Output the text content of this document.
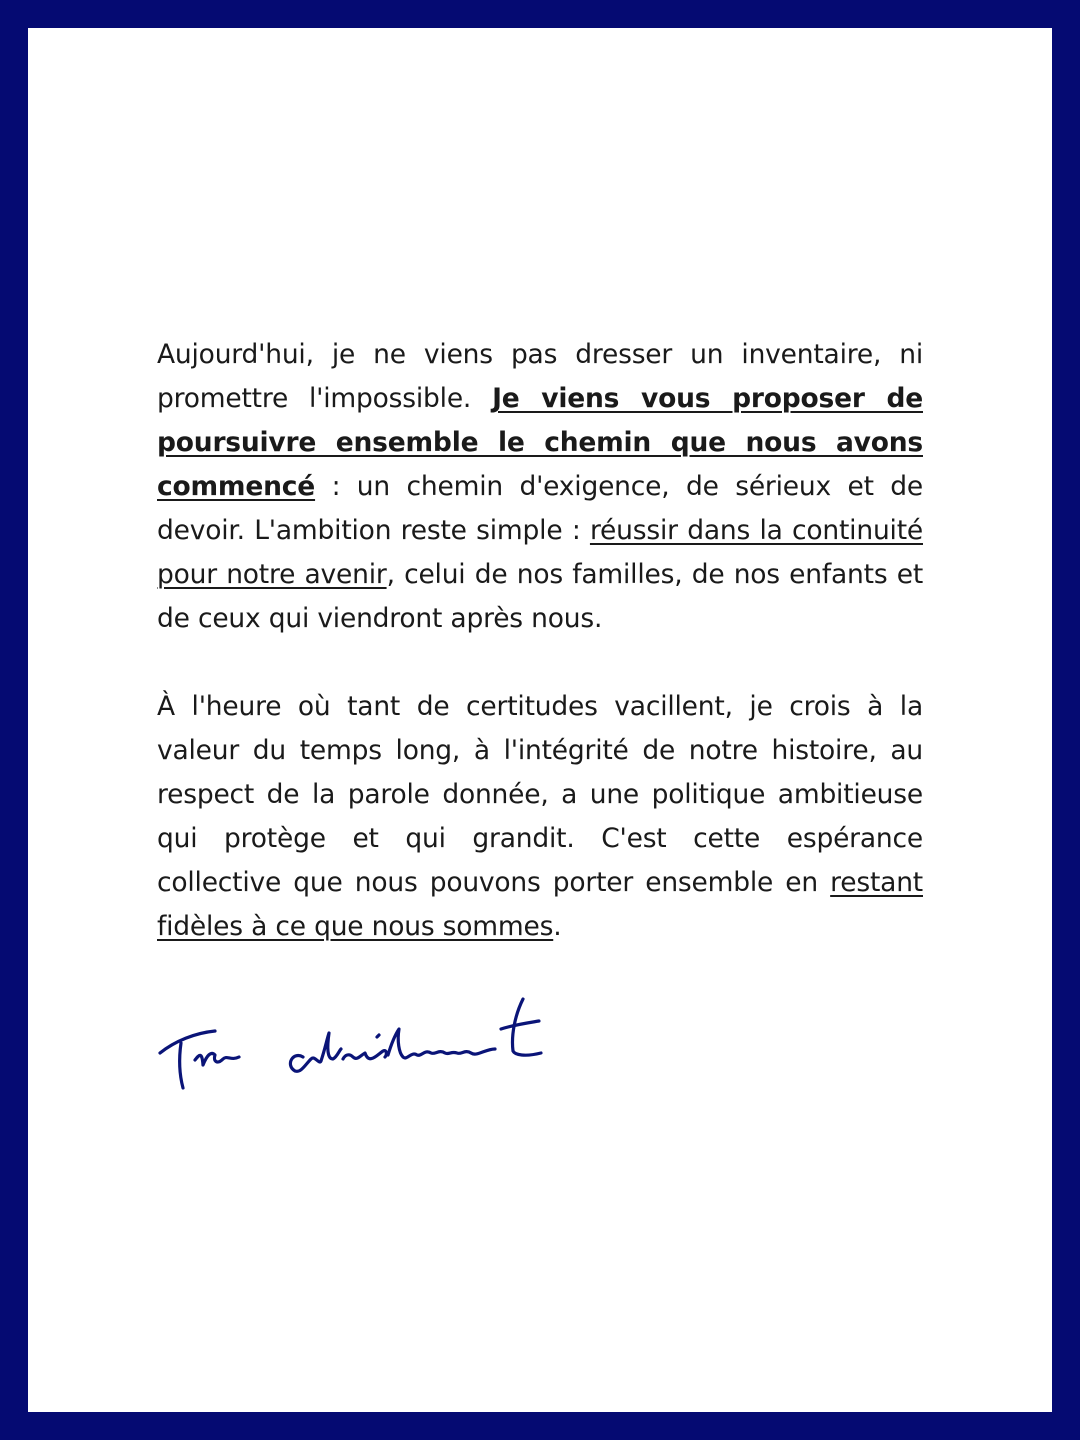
Aujourd'hui, je ne viens pas dresser un inventaire, ni promettre l'impossible. Je viens vous proposer de poursuivre ensemble le chemin que nous avons commencé : un chemin d'exigence, de sérieux et de devoir. L'ambition reste simple : réussir dans la continuité pour notre avenir, celui de nos familles, de nos enfants et de ceux qui viendront après nous.

À l'heure où tant de certitudes vacillent, je crois à la valeur du temps long, à l'intégrité de notre histoire, au respect de la parole donnée, a une politique ambitieuse qui protège et qui grandit. C'est cette espérance collective que nous pouvons porter ensemble en restant fidèles à ce que nous sommes.
